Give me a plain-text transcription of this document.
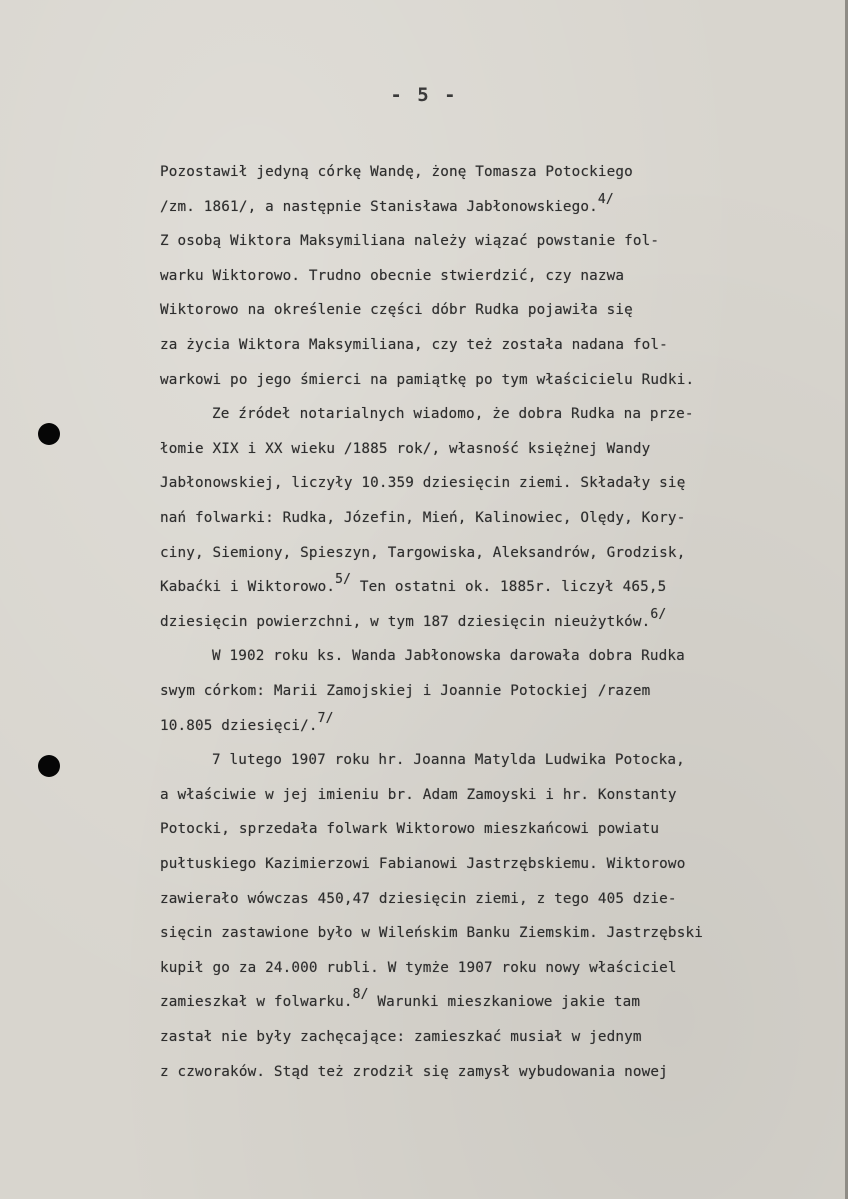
- 5 -
Pozostawił jedyną córkę Wandę, żonę Tomasza Potockiego
/zm. 1861/, a następnie Stanisława Jabłonowskiego.$^{4/}$
Z osobą Wiktora Maksymiliana należy wiązać powstanie fol-
warku Wiktorowo. Trudno obecnie stwierdzić, czy nazwa
Wiktorowo na określenie części dóbr Rudka pojawiła się
za życia Wiktora Maksymiliana, czy też została nadana fol-
warkowi po jego śmierci na pamiątkę po tym właścicielu Rudki.
Ze źródeł notarialnych wiadomo, że dobra Rudka na prze-
łomie XIX i XX wieku /1885 rok/, własność księżnej Wandy
Jabłonowskiej, liczyły 10.359 dziesięcin ziemi. Składały się
nań folwarki: Rudka, Józefin, Mień, Kalinowiec, Olędy, Kory-
ciny, Siemiony, Spieszyn, Targowiska, Aleksandrów, Grodzisk,
Kabaćki i Wiktorowo.$^{5/}$ Ten ostatni ok. 1885r. liczył 465,5
dziesięcin powierzchni, w tym 187 dziesięcin nieużytków.$^{6/}$
W 1902 roku ks. Wanda Jabłonowska darowała dobra Rudka
swym córkom: Marii Zamojskiej i Joannie Potockiej /razem
10.805 dziesięci/.$^{7/}$
7 lutego 1907 roku hr. Joanna Matylda Ludwika Potocka,
a właściwie w jej imieniu br. Adam Zamoyski i hr. Konstanty
Potocki, sprzedała folwark Wiktorowo mieszkańcowi powiatu
pułtuskiego Kazimierzowi Fabianowi Jastrzębskiemu. Wiktorowo
zawierało wówczas 450,47 dziesięcin ziemi, z tego 405 dzie-
sięcin zastawione było w Wileńskim Banku Ziemskim. Jastrzębski
kupił go za 24.000 rubli. W tymże 1907 roku nowy właściciel
zamieszkał w folwarku.$^{8/}$ Warunki mieszkaniowe jakie tam
zastał nie były zachęcające: zamieszkać musiał w jednym
z czworaków. Stąd też zrodził się zamysł wybudowania nowej
